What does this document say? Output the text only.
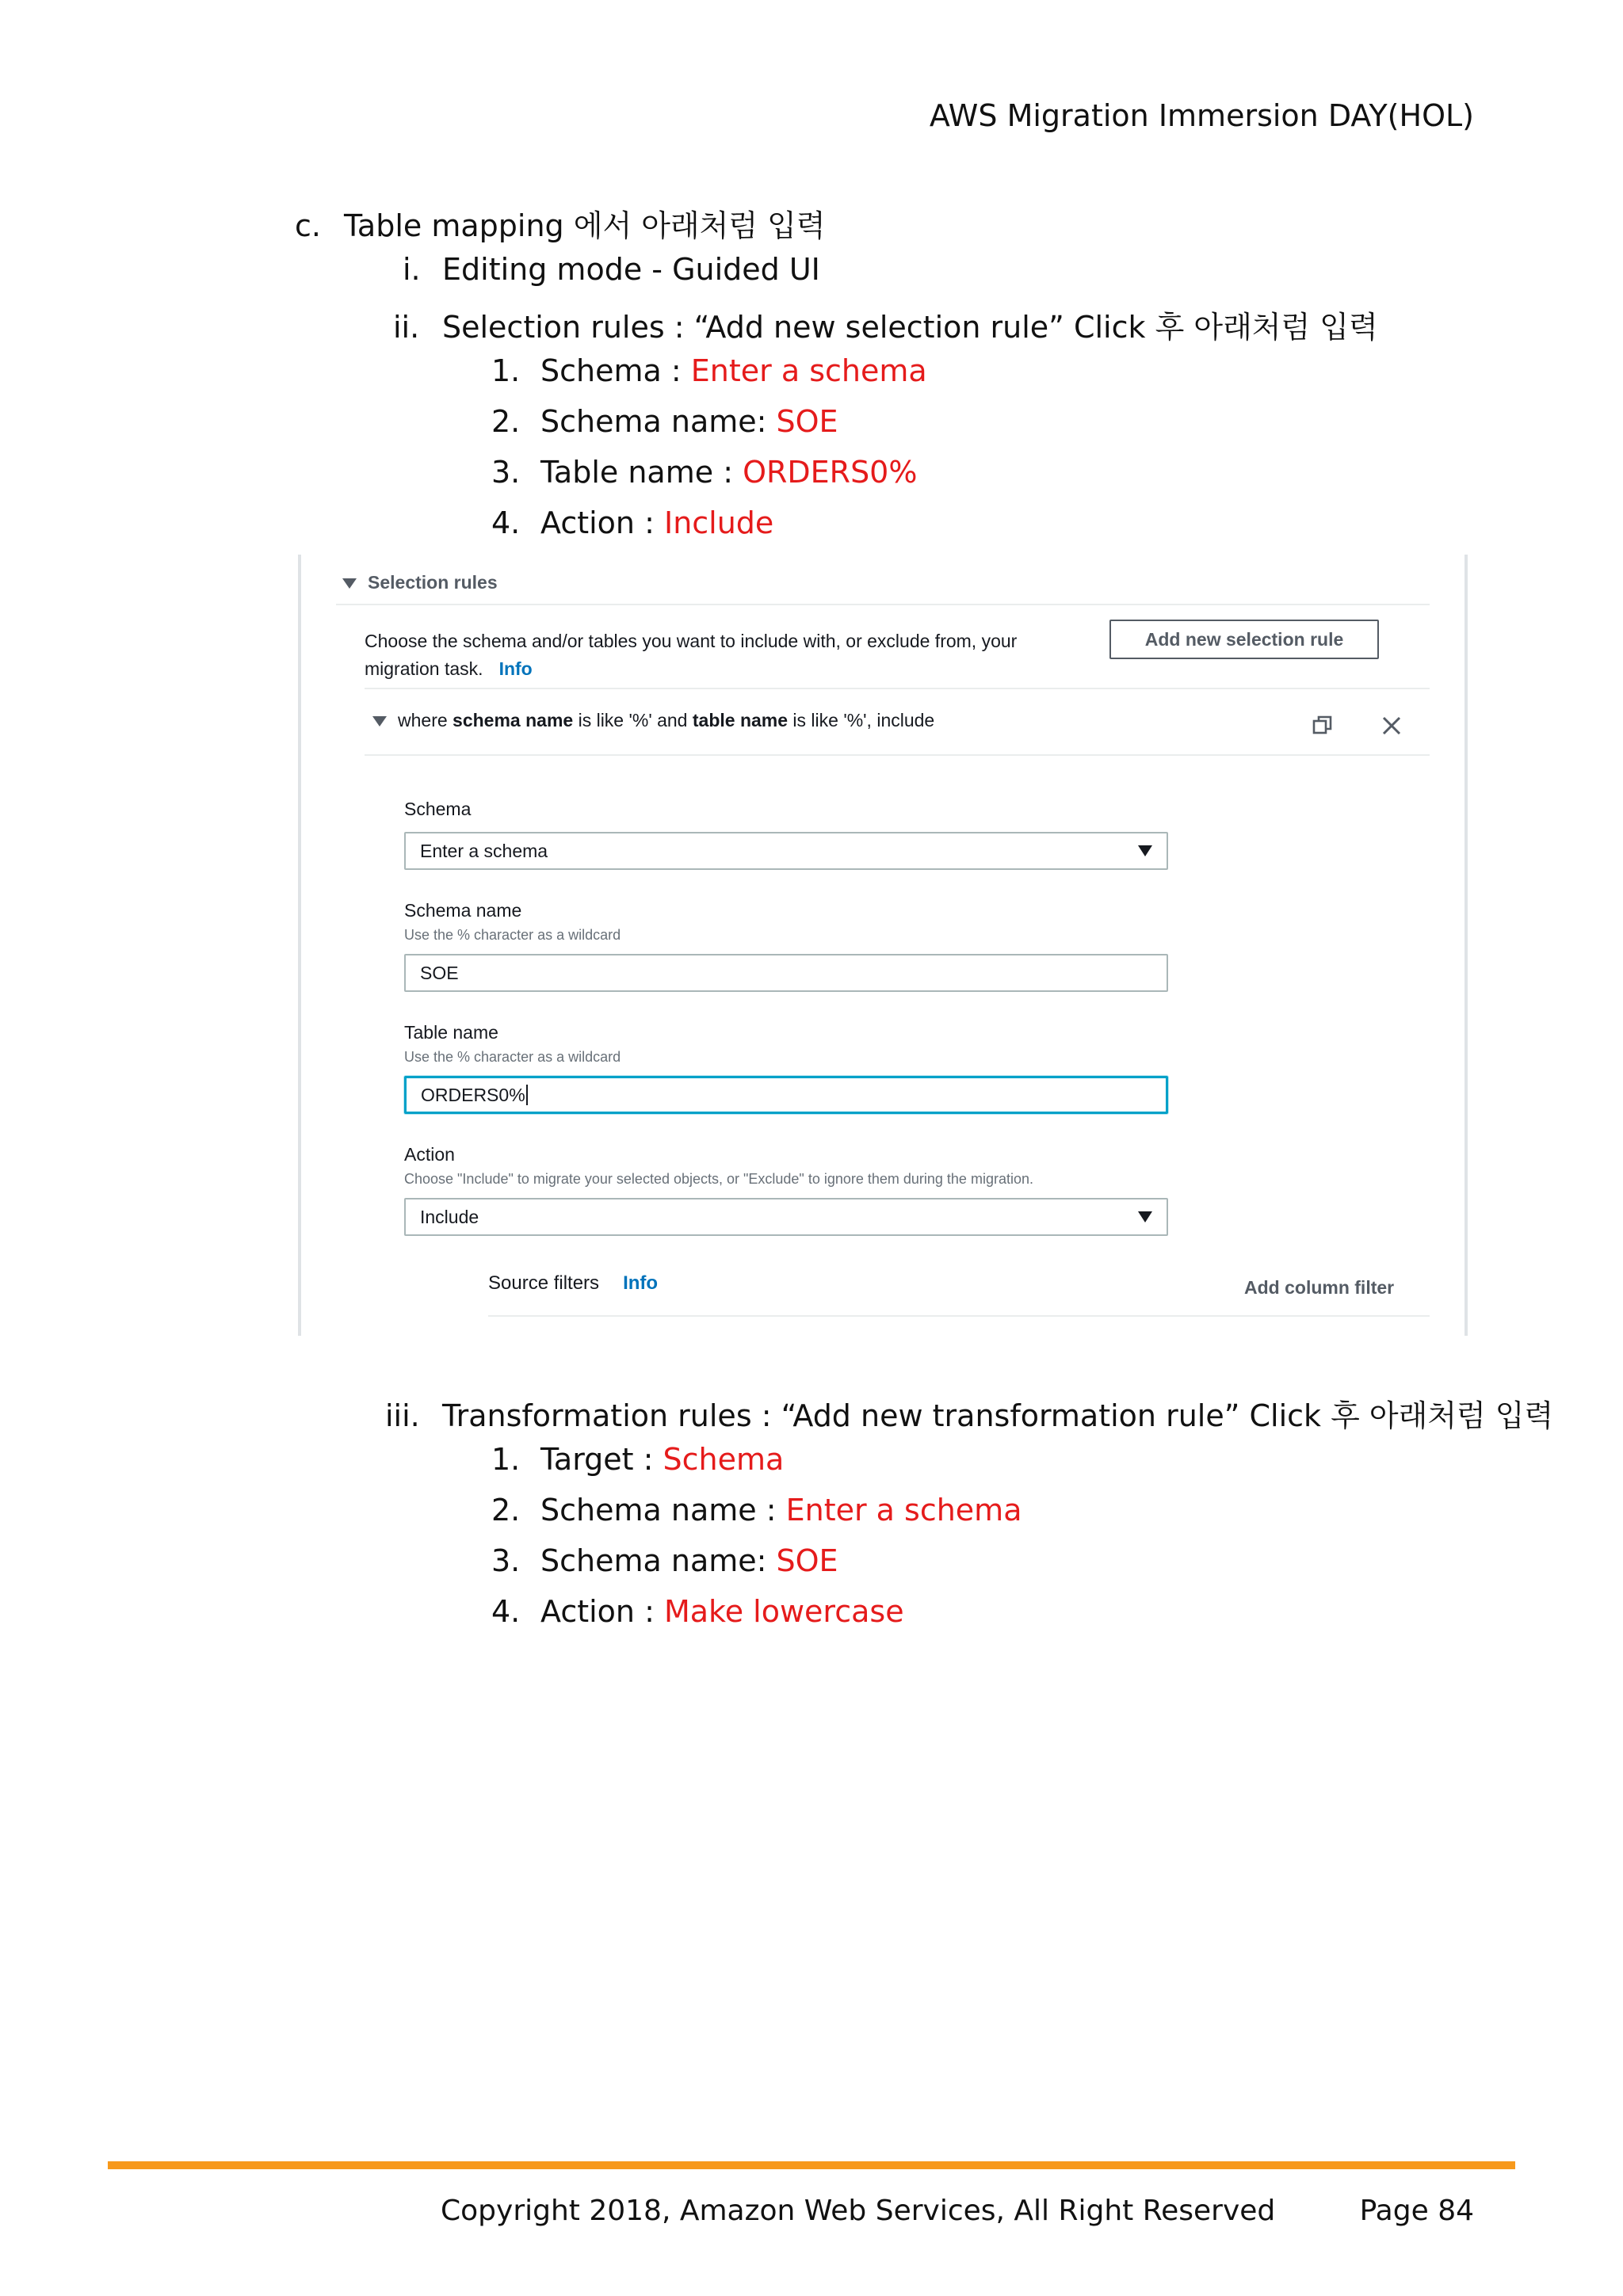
AWS Migration Immersion DAY(HOL)
c. Table mapping 에서 아래처럼 입력
i. Editing mode - Guided UI
ii. Selection rules : “Add new selection rule” Click 후 아래처럼 입력
1. Schema : Enter a schema
2. Schema name: SOE
3. Table name : ORDERS0%
4. Action : Include
Selection rules
Choose the schema and/or tables you want to include with, or exclude from, your migration task. Info
Add new selection rule
where schema name is like '%' and table name is like '%', include
Schema
Enter a schema
Schema name
Use the % character as a wildcard
SOE
Table name
Use the % character as a wildcard
ORDERS0%
Action
Choose "Include" to migrate your selected objects, or "Exclude" to ignore them during the migration.
Include
Source filters Info	Add column filter
iii. Transformation rules : “Add new transformation rule” Click 후 아래처럼 입력
1. Target : Schema
2. Schema name : Enter a schema
3. Schema name: SOE
4. Action : Make lowercase
Copyright 2018, Amazon Web Services, All Right Reserved	Page 84
